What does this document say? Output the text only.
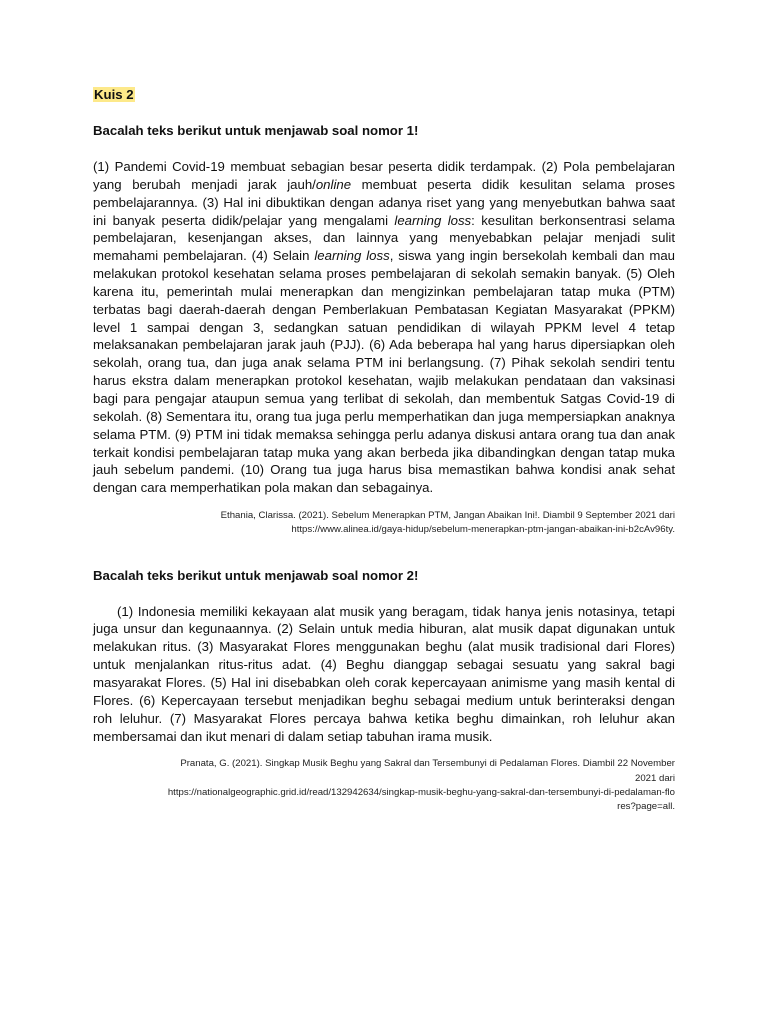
Kuis 2

Bacalah teks berikut untuk menjawab soal nomor 1!

(1) Pandemi Covid-19 membuat sebagian besar peserta didik terdampak. (2) Pola pembelajaran yang berubah menjadi jarak jauh/online membuat peserta didik kesulitan selama proses pembelajarannya. (3) Hal ini dibuktikan dengan adanya riset yang yang menyebutkan bahwa saat ini banyak peserta didik/pelajar yang mengalami learning loss: kesulitan berkonsentrasi selama pembelajaran, kesenjangan akses, dan lainnya yang menyebabkan pelajar menjadi sulit memahami pembelajaran. (4) Selain learning loss, siswa yang ingin bersekolah kembali dan mau melakukan protokol kesehatan selama proses pembelajaran di sekolah semakin banyak. (5) Oleh karena itu, pemerintah mulai menerapkan dan mengizinkan pembelajaran tatap muka (PTM) terbatas bagi daerah-daerah dengan Pemberlakuan Pembatasan Kegiatan Masyarakat (PPKM) level 1 sampai dengan 3, sedangkan satuan pendidikan di wilayah PPKM level 4 tetap melaksanakan pembelajaran jarak jauh (PJJ). (6) Ada beberapa hal yang harus dipersiapkan oleh sekolah, orang tua, dan juga anak selama PTM ini berlangsung. (7) Pihak sekolah sendiri tentu harus ekstra dalam menerapkan protokol kesehatan, wajib melakukan pendataan dan vaksinasi bagi para pengajar ataupun semua yang terlibat di sekolah, dan membentuk Satgas Covid-19 di sekolah. (8) Sementara itu, orang tua juga perlu memperhatikan dan juga mempersiapkan anaknya selama PTM. (9) PTM ini tidak memaksa sehingga perlu adanya diskusi antara orang tua dan anak terkait kondisi pembelajaran tatap muka yang akan berbeda jika dibandingkan dengan tatap muka jauh sebelum pandemi. (10) Orang tua juga harus bisa memastikan bahwa kondisi anak sehat dengan cara memperhatikan pola makan dan sebagainya.

Ethania, Clarissa. (2021). Sebelum Menerapkan PTM, Jangan Abaikan Ini!. Diambil 9 September 2021 dari
https://www.alinea.id/gaya-hidup/sebelum-menerapkan-ptm-jangan-abaikan-ini-b2cAv96ty.

Bacalah teks berikut untuk menjawab soal nomor 2!

(1) Indonesia memiliki kekayaan alat musik yang beragam, tidak hanya jenis notasinya, tetapi juga unsur dan kegunaannya. (2) Selain untuk media hiburan, alat musik dapat digunakan untuk melakukan ritus. (3) Masyarakat Flores menggunakan beghu (alat musik tradisional dari Flores) untuk menjalankan ritus-ritus adat. (4) Beghu dianggap sebagai sesuatu yang sakral bagi masyarakat Flores. (5) Hal ini disebabkan oleh corak kepercayaan animisme yang masih kental di Flores. (6) Kepercayaan tersebut menjadikan beghu sebagai medium untuk berinteraksi dengan roh leluhur. (7) Masyarakat Flores percaya bahwa ketika beghu dimainkan, roh leluhur akan membersamai dan ikut menari di dalam setiap tabuhan irama musik.

Pranata, G. (2021). Singkap Musik Beghu yang Sakral dan Tersembunyi di Pedalaman Flores. Diambil 22 November
2021 dari
https://nationalgeographic.grid.id/read/132942634/singkap-musik-beghu-yang-sakral-dan-tersembunyi-di-pedalaman-flo
res?page=all.
